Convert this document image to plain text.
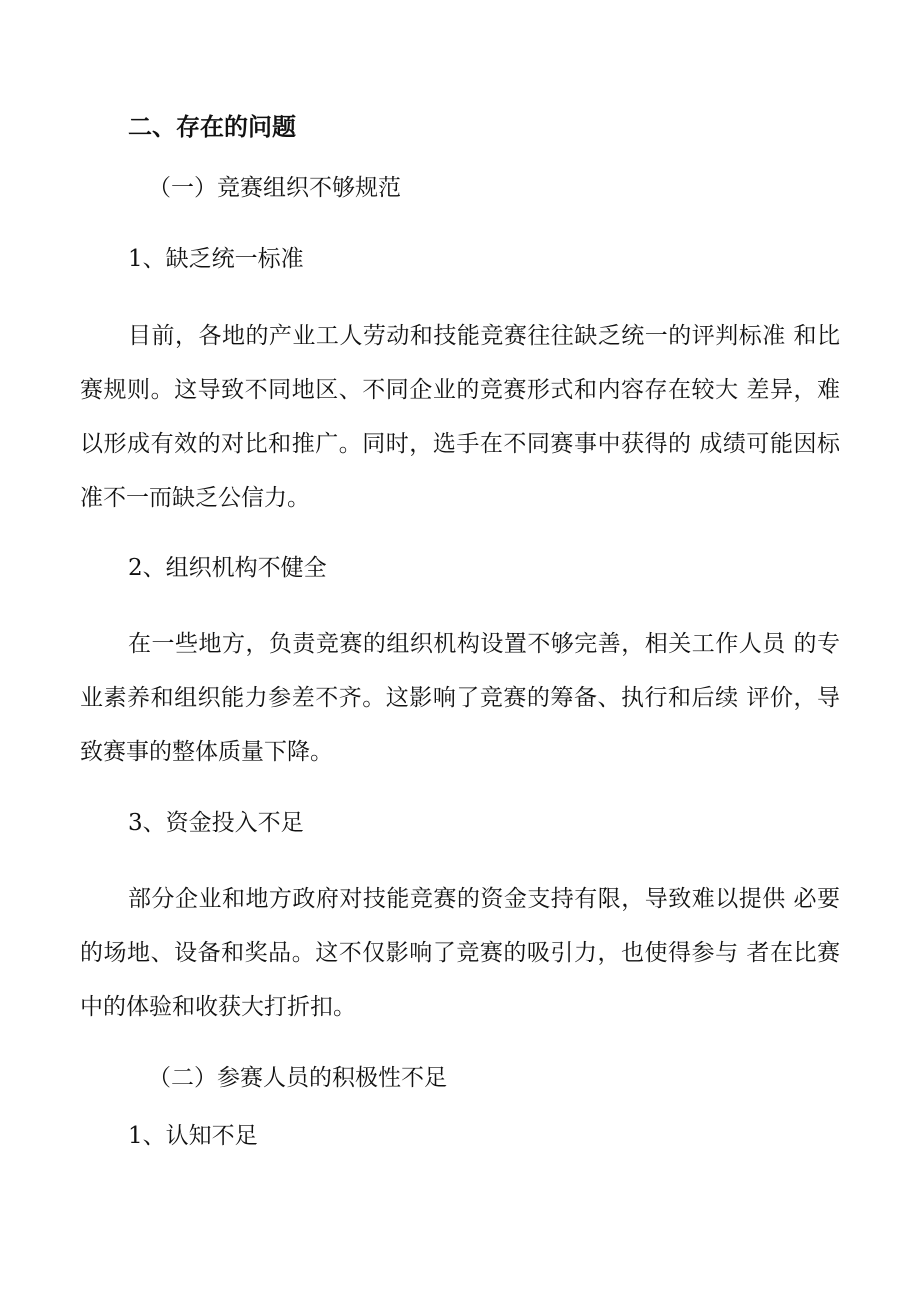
二、存在的问题
（一）竞赛组织不够规范
1、缺乏统一标准
目前，各地的产业工人劳动和技能竞赛往往缺乏统一的评判标准 和比赛规则。这导致不同地区、不同企业的竞赛形式和内容存在较大 差异，难以形成有效的对比和推广。同时，选手在不同赛事中获得的 成绩可能因标准不一而缺乏公信力。
2、组织机构不健全
在一些地方，负责竞赛的组织机构设置不够完善，相关工作人员 的专业素养和组织能力参差不齐。这影响了竞赛的筹备、执行和后续 评价，导致赛事的整体质量下降。
3、资金投入不足
部分企业和地方政府对技能竞赛的资金支持有限，导致难以提供 必要的场地、设备和奖品。这不仅影响了竞赛的吸引力，也使得参与 者在比赛中的体验和收获大打折扣。
（二）参赛人员的积极性不足
1、认知不足
